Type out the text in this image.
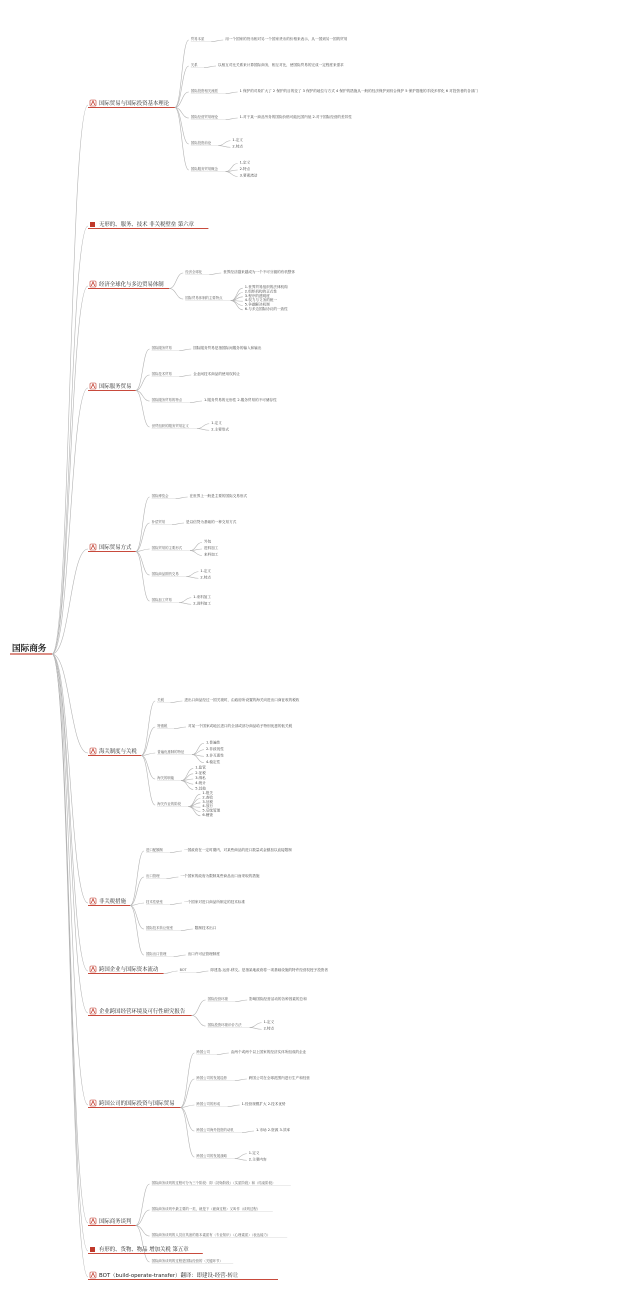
国际贸易与国际投资基本理论
贸易本质	用一个国家的货币相对另一个国家货币的价格来表示，从一国到另一国的贸易
关系	以相互对比关系来计算国际商务，相互对比，使国际贸易的完成一定程度来需求
国际投资相关流派	1 保护的对象扩大了 2 保护的目的变了 3 保护的地位与方式 4 保护的措施从一般的经济保护到综合保护 5 保护措施的手段多样化 6 对投资者的各部门
国际经营贸易理论	1.对于某一商品劳务的国际价格可能比国内低 2.对于国际经营的差异性
国际投资前论
1.定义
2.特点
国际服务贸易概念
1.定义
2.特点
3.要素流动
无形的、服务、技术 非关税壁垒 第六章
经济全球化与多边贸易体制
经济全球化	世界经济越来越成为一个不可分割的有机整体
国际贸易体制的主要特点
1.世界贸易组织的法律机构
2.组织机构的正式性
3.程序的透明度
4.权力与义务的统一
5.争端解决机制
6.与多边国际协议的一致性
国际服务贸易
国际服务贸易	国际服务贸易是指国际间服务的输入和输出
国际技术贸易	企业间技术商品的使用权转让
国际服务贸易的特点	1.服务贸易的无形性 2.服务贸易的不可储存性
世贸组织的服务贸易定义
1.定义
2.主要形式
国际贸易方式
国际博览会	在世界上一般是主要的国际交易形式
补偿贸易	是以信贷为基础的一种交易方式
国际贸易的主要形式
外包
进料加工
来料加工
国际商品期货交易
1.定义
2.特点
国际加工贸易
1.来料加工
2.进料加工
海关制度与关税
关税	进出口商品经过一国关境时，由政府所设置的海关向进出口商征收的税收
特惠税	对某一个国家或地区进口的全部或部分商品给予特别优惠的低关税
普遍优惠制的特征
1.普遍性
2.非歧视性
3.非互惠性
4.稳定性
海关的职能
1.监管
2.征税
3.缉私
4.统计
5.其他
海关作业的阶段
1.报关
2.查验
3.征税
4.放行
5.后续管理
6.稽查
非关税措施
进口配额制	一国政府在一定时期内，对某些商品的进口数量或金额加以直接限制
出口管理	一个国家的政府为限制某些商品出口而采取的措施
技术性壁垒	一个国家对进口商品所制定的技术标准
国际技术转让壁垒	限制技术出口
国际出口管理	出口许可证管理制度
跨国企业与国际资本流动	BOT	即建造-运营-移交。是指某地政府将一项基础设施的特许经营权授予投资者
企业跨国经营环境及可行性研究报告
国际经营环境	影响国际经营活动的各种因素的总和
国际投资环境评价方法
1.定义
2.特点
跨国公司的国际投资与国际贸易
跨国公司	由两个或两个以上国家的经济实体所组成的企业
跨国公司的发展趋势	跨国公司在全球范围内进行生产和经营
跨国公司的形成	1.经营规模扩大 2.技术优势
跨国公司海外投资的动机	1.市场 2.资源 3.效率
跨国公司的发展战略
1.定义
2.主要内容
国际商务谈判
国际商务谈判的过程可分为三个阶段：即（初始阶段）（实质阶段）和（结束阶段）
国际商务谈判中最主要的一类，就是下（磋商过程）又叫作（谈判过程）
国际商务谈判的人员应具备的基本素质有（专业知识）（心理素质）（表达能力）
国际商务谈判的过程是国际经营的（关键环节）
有形的、货物、物品 增加关税 第五章
BOT（build-operate-transfer）翻译：即建设-经营-转让
国际商务
